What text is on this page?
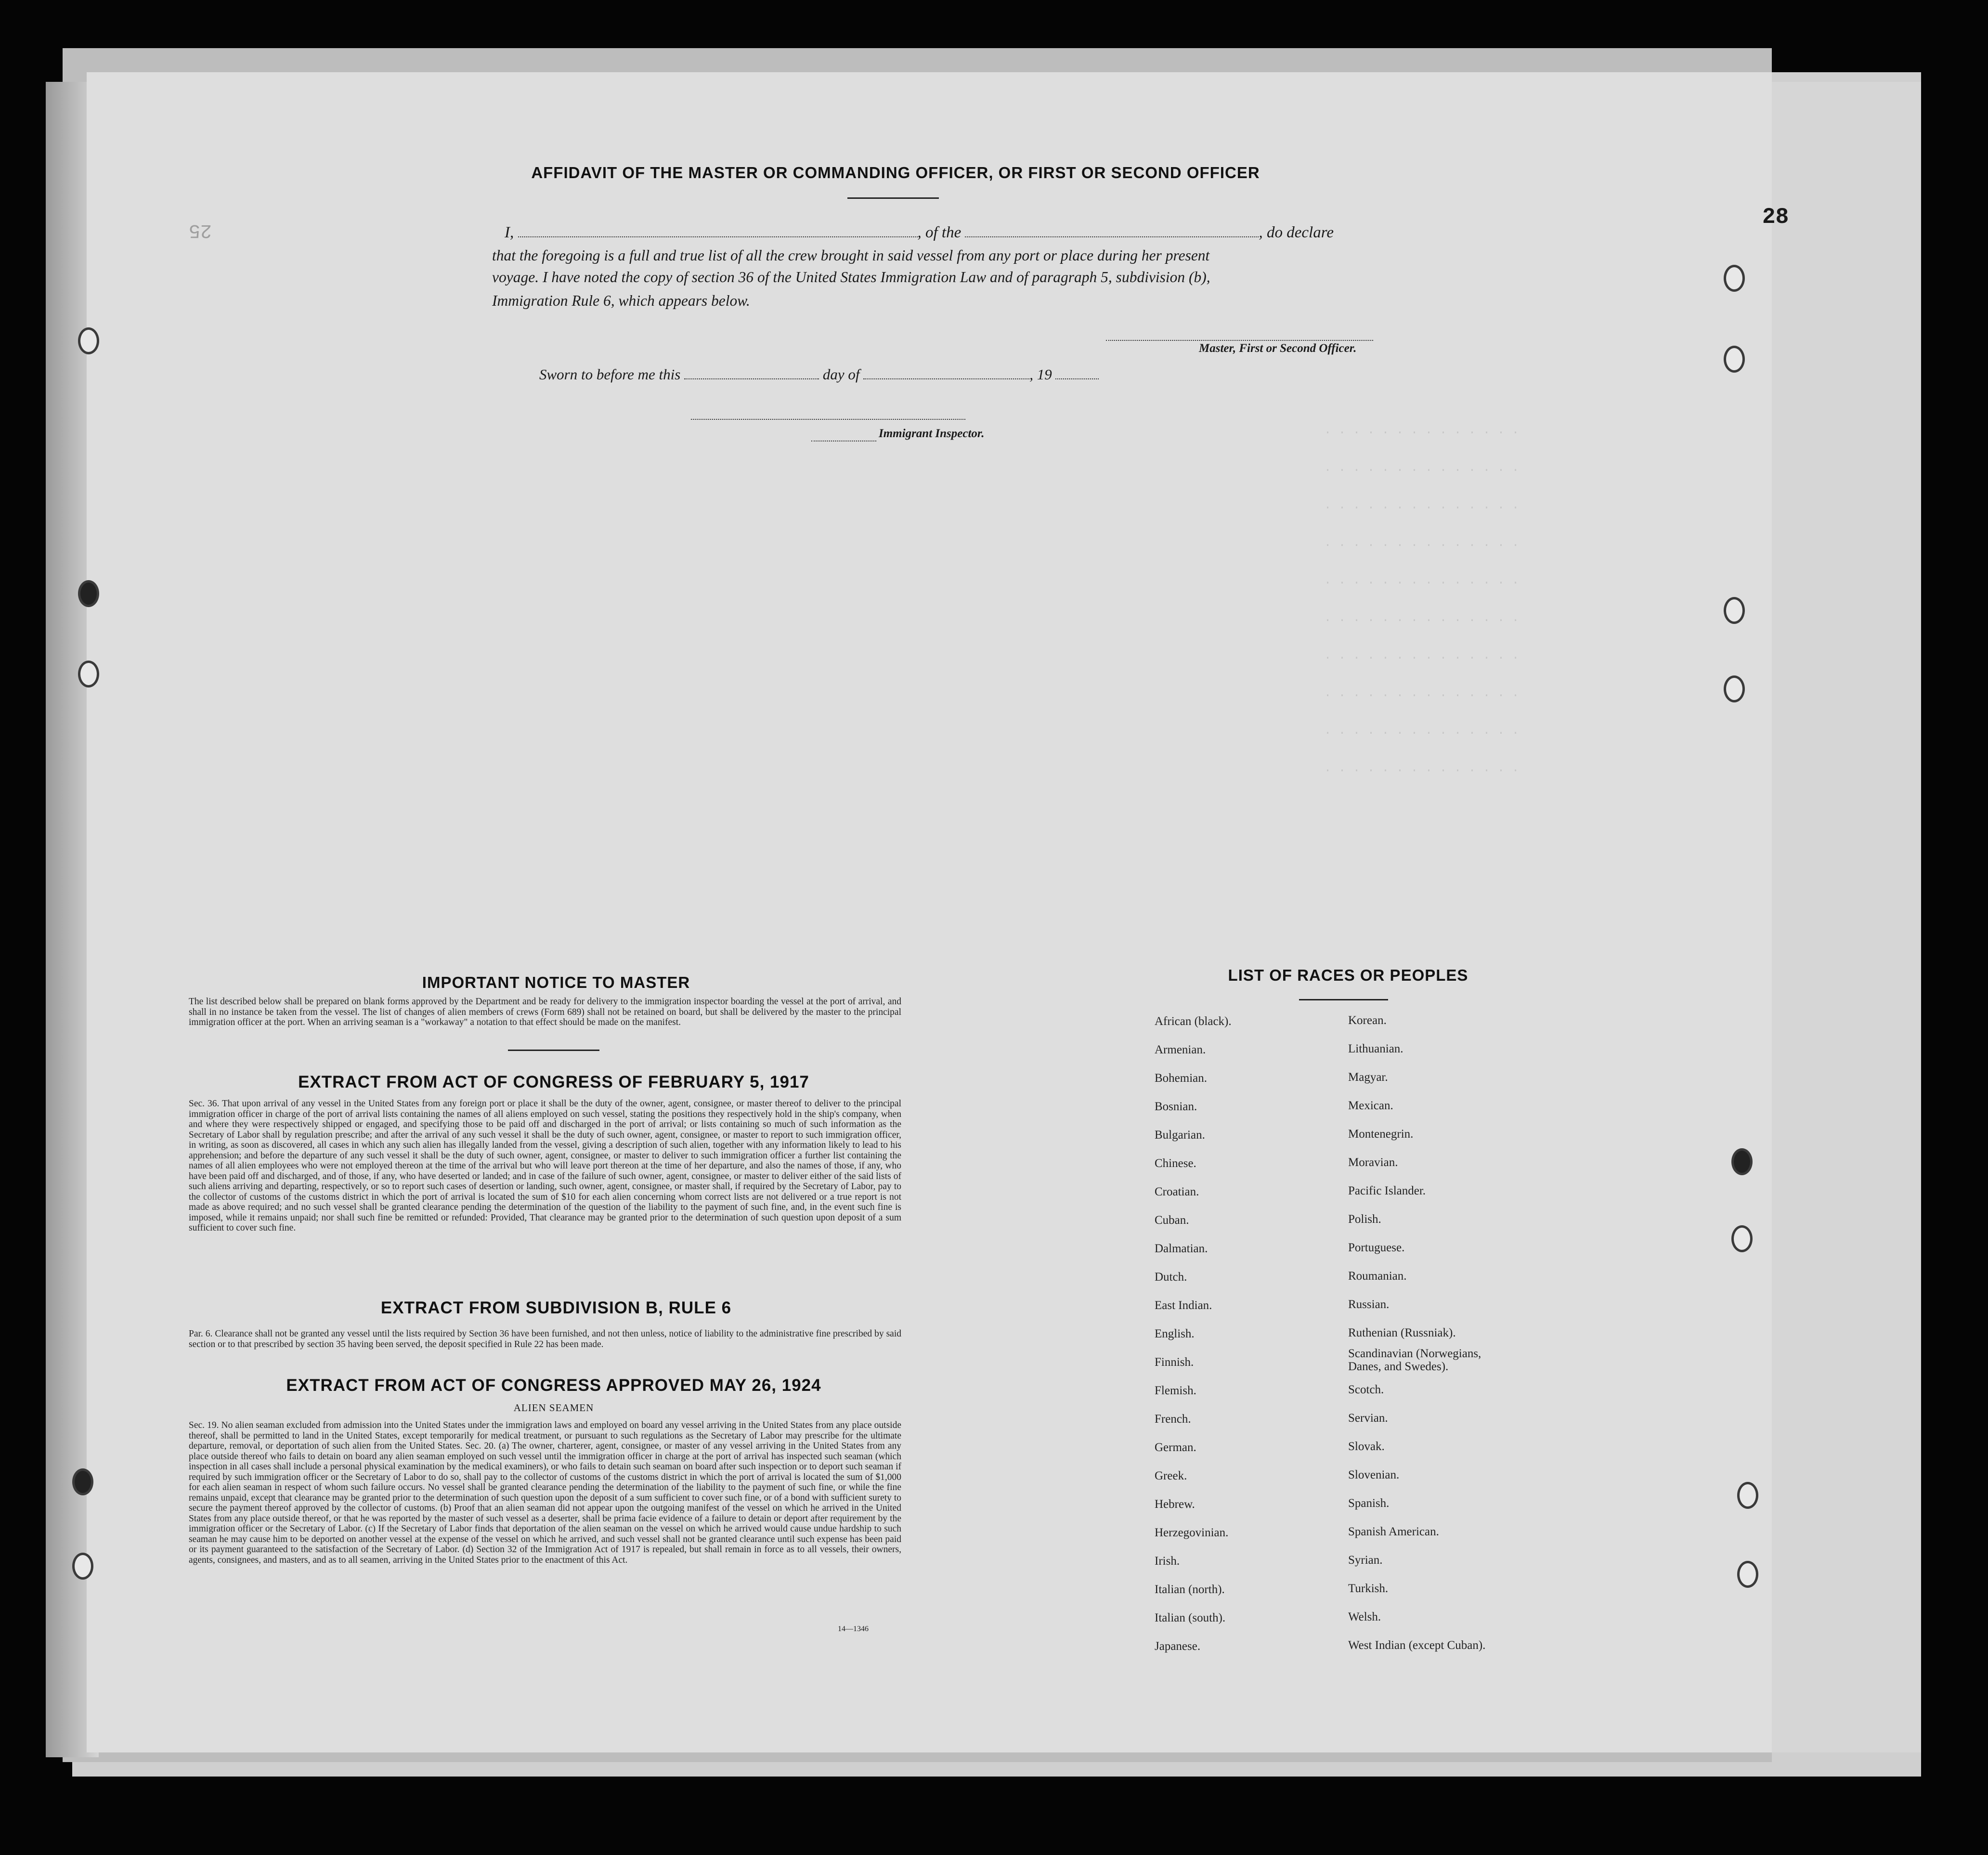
25
28
AFFIDAVIT OF THE MASTER OR COMMANDING OFFICER, OR FIRST OR SECOND OFFICER
I,	, of the	, do declare
that the foregoing is a full and true list of all the crew brought in said vessel from any port or place during her present
voyage. I have noted the copy of section 36 of the United States Immigration Law and of paragraph 5, subdivision (b),
Immigration Rule 6, which appears below.
Master, First or Second Officer.
Sworn to before me this	day of	, 19
Immigrant Inspector.	· · · · · · · · · · · · · ·
· · · · · · · · · · · · · ·
· · · · · · · · · · · · · ·
· · · · · · · · · · · · · ·
· · · · · · · · · · · · · ·
· · · · · · · · · · · · · ·
· · · · · · · · · · · · · ·
· · · · · · · · · · · · · ·
· · · · · · · · · · · · · ·
· · · · · · · · · · · · · ·
IMPORTANT NOTICE TO MASTER
The list described below shall be prepared on blank forms approved by the Department and be ready for delivery to the immigration inspector boarding the vessel at the port of arrival, and shall in no instance be taken from the vessel. The list of changes of alien members of crews (Form 689) shall not be retained on board, but shall be delivered by the master to the principal immigration officer at the port. When an arriving seaman is a "workaway" a notation to that effect should be made on the manifest.
EXTRACT FROM ACT OF CONGRESS OF FEBRUARY 5, 1917
Sec. 36. That upon arrival of any vessel in the United States from any foreign port or place it shall be the duty of the owner, agent, consignee, or master thereof to deliver to the principal immigration officer in charge of the port of arrival lists containing the names of all aliens employed on such vessel, stating the positions they respectively hold in the ship's company, when and where they were respectively shipped or engaged, and specifying those to be paid off and discharged in the port of arrival; or lists containing so much of such information as the Secretary of Labor shall by regulation prescribe; and after the arrival of any such vessel it shall be the duty of such owner, agent, consignee, or master to report to such immigration officer, in writing, as soon as discovered, all cases in which any such alien has illegally landed from the vessel, giving a description of such alien, together with any information likely to lead to his apprehension; and before the departure of any such vessel it shall be the duty of such owner, agent, consignee, or master to deliver to such immigration officer a further list containing the names of all alien employees who were not employed thereon at the time of the arrival but who will leave port thereon at the time of her departure, and also the names of those, if any, who have been paid off and discharged, and of those, if any, who have deserted or landed; and in case of the failure of such owner, agent, consignee, or master to deliver either of the said lists of such aliens arriving and departing, respectively, or so to report such cases of desertion or landing, such owner, agent, consignee, or master shall, if required by the Secretary of Labor, pay to the collector of customs of the customs district in which the port of arrival is located the sum of $10 for each alien concerning whom correct lists are not delivered or a true report is not made as above required; and no such vessel shall be granted clearance pending the determination of the question of the liability to the payment of such fine, and, in the event such fine is imposed, while it remains unpaid; nor shall such fine be remitted or refunded: Provided, That clearance may be granted prior to the determination of such question upon deposit of a sum sufficient to cover such fine.
EXTRACT FROM SUBDIVISION B, RULE 6
Par. 6. Clearance shall not be granted any vessel until the lists required by Section 36 have been furnished, and not then unless, notice of liability to the administrative fine prescribed by said section or to that prescribed by section 35 having been served, the deposit specified in Rule 22 has been made.
EXTRACT FROM ACT OF CONGRESS APPROVED MAY 26, 1924
ALIEN SEAMEN
Sec. 19. No alien seaman excluded from admission into the United States under the immigration laws and employed on board any vessel arriving in the United States from any place outside thereof, shall be permitted to land in the United States, except temporarily for medical treatment, or pursuant to such regulations as the Secretary of Labor may prescribe for the ultimate departure, removal, or deportation of such alien from the United States. Sec. 20. (a) The owner, charterer, agent, consignee, or master of any vessel arriving in the United States from any place outside thereof who fails to detain on board any alien seaman employed on such vessel until the immigration officer in charge at the port of arrival has inspected such seaman (which inspection in all cases shall include a personal physical examination by the medical examiners), or who fails to detain such seaman on board after such inspection or to deport such seaman if required by such immigration officer or the Secretary of Labor to do so, shall pay to the collector of customs of the customs district in which the port of arrival is located the sum of $1,000 for each alien seaman in respect of whom such failure occurs. No vessel shall be granted clearance pending the determination of the liability to the payment of such fine, or while the fine remains unpaid, except that clearance may be granted prior to the determination of such question upon the deposit of a sum sufficient to cover such fine, or of a bond with sufficient surety to secure the payment thereof approved by the collector of customs. (b) Proof that an alien seaman did not appear upon the outgoing manifest of the vessel on which he arrived in the United States from any place outside thereof, or that he was reported by the master of such vessel as a deserter, shall be prima facie evidence of a failure to detain or deport after requirement by the immigration officer or the Secretary of Labor. (c) If the Secretary of Labor finds that deportation of the alien seaman on the vessel on which he arrived would cause undue hardship to such seaman he may cause him to be deported on another vessel at the expense of the vessel on which he arrived, and such vessel shall not be granted clearance until such expense has been paid or its payment guaranteed to the satisfaction of the Secretary of Labor. (d) Section 32 of the Immigration Act of 1917 is repealed, but shall remain in force as to all vessels, their owners, agents, consignees, and masters, and as to all seamen, arriving in the United States prior to the enactment of this Act.
14—1346
LIST OF RACES OR PEOPLES
African (black).
Armenian.
Bohemian.
Bosnian.
Bulgarian.
Chinese.
Croatian.
Cuban.
Dalmatian.
Dutch.
East Indian.
English.
Finnish.
Flemish.
French.
German.
Greek.
Hebrew.
Herzegovinian.
Irish.
Italian (north).
Italian (south).
Japanese.
Korean.
Lithuanian.
Magyar.
Mexican.
Montenegrin.
Moravian.
Pacific Islander.
Polish.
Portuguese.
Roumanian.
Russian.
Ruthenian (Russniak).
Scandinavian (Norwegians, Danes, and Swedes).
Scotch.
Servian.
Slovak.
Slovenian.
Spanish.
Spanish American.
Syrian.
Turkish.
Welsh.
West Indian (except Cuban).
